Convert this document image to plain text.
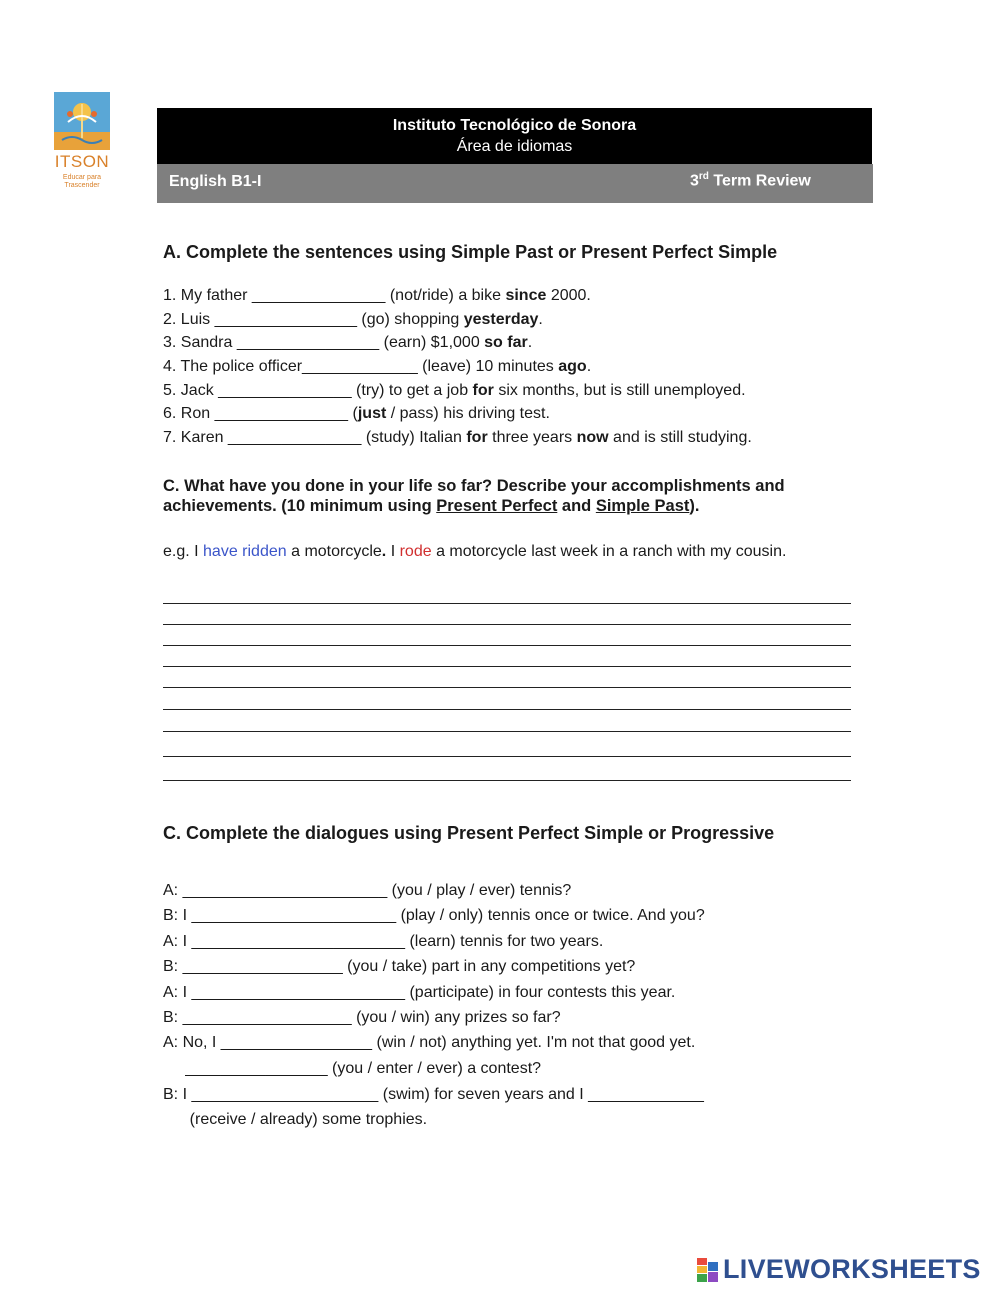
ITSON
Educar para
Trascender
Instituto Tecnológico de Sonora
Área de idiomas
English B1-I	3rd Term Review
A. Complete the sentences using Simple Past or Present Perfect Simple
1. My father _______________ (not/ride) a bike since 2000.
2. Luis ________________ (go) shopping yesterday.
3. Sandra ________________ (earn) $1,000 so far.
4. The police officer_____________ (leave) 10 minutes ago.
5. Jack _______________ (try) to get a job for six months, but is still unemployed.
6. Ron _______________ (just / pass) his driving test.
7. Karen _______________ (study) Italian for three years now and is still studying.
C. What have you done in your life so far? Describe your accomplishments and
achievements. (10 minimum using Present Perfect and Simple Past).
e.g. I have ridden a motorcycle. I rode a motorcycle last week in a ranch with my cousin.
C. Complete the dialogues using Present Perfect Simple or Progressive
A: _______________________ (you / play / ever) tennis?
B: I _______________________ (play / only) tennis once or twice. And you?
A: I ________________________ (learn) tennis for two years.
B: __________________ (you / take) part in any competitions yet?
A: I ________________________ (participate) in four contests this year.
B: ___________________ (you / win) any prizes so far?
A: No, I _________________ (win / not) anything yet. I'm not that good yet.
________________ (you / enter / ever) a contest?
B: I _____________________ (swim) for seven years and I _____________
(receive / already) some trophies.
LIVEWORKSHEETS
